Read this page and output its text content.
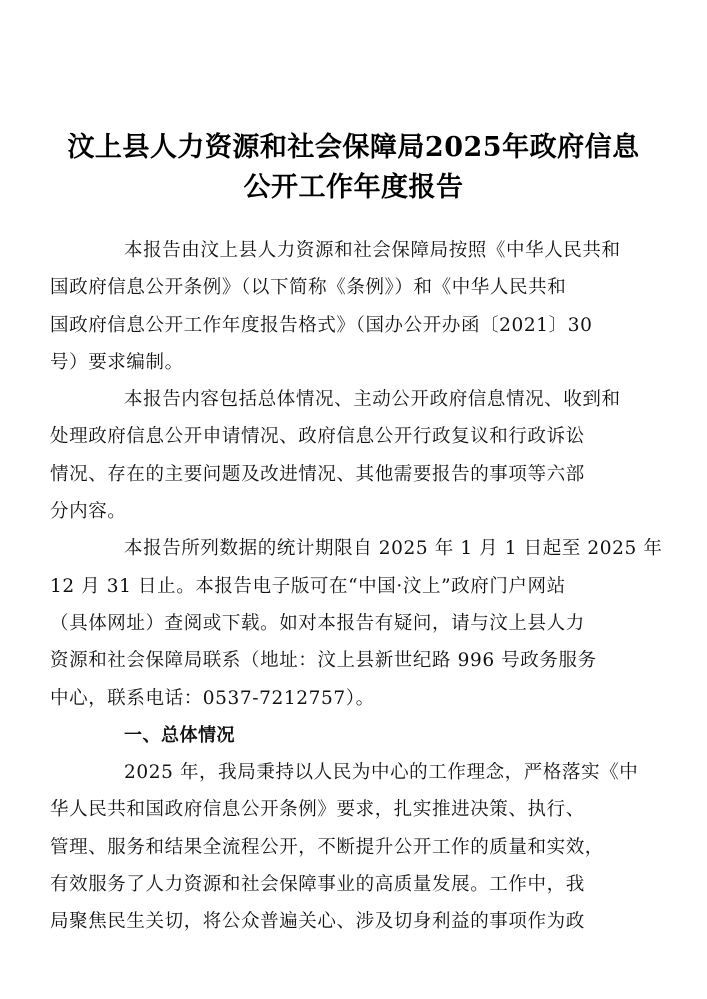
汶上县人力资源和社会保障局2025年政府信息
公开工作年度报告

本报告由汶上县人力资源和社会保障局按照《中华人民共和
国政府信息公开条例》（以下简称《条例》）和《中华人民共和
国政府信息公开工作年度报告格式》（国办公开办函〔2021〕30
号）要求编制。

本报告内容包括总体情况、主动公开政府信息情况、收到和
处理政府信息公开申请情况、政府信息公开行政复议和行政诉讼
情况、存在的主要问题及改进情况、其他需要报告的事项等六部
分内容。

本报告所列数据的统计期限自 2025 年 1 月 1 日起至 2025 年
12 月 31 日止。本报告电子版可在“中国·汶上”政府门户网站
（具体网址）查阅或下载。如对本报告有疑问，请与汶上县人力
资源和社会保障局联系（地址：汶上县新世纪路 996 号政务服务
中心，联系电话：0537-7212757）。

一、总体情况

2025 年，我局秉持以人民为中心的工作理念，严格落实《中
华人民共和国政府信息公开条例》要求，扎实推进决策、执行、
管理、服务和结果全流程公开，不断提升公开工作的质量和实效，
有效服务了人力资源和社会保障事业的高质量发展。工作中，我
局聚焦民生关切，将公众普遍关心、涉及切身利益的事项作为政
